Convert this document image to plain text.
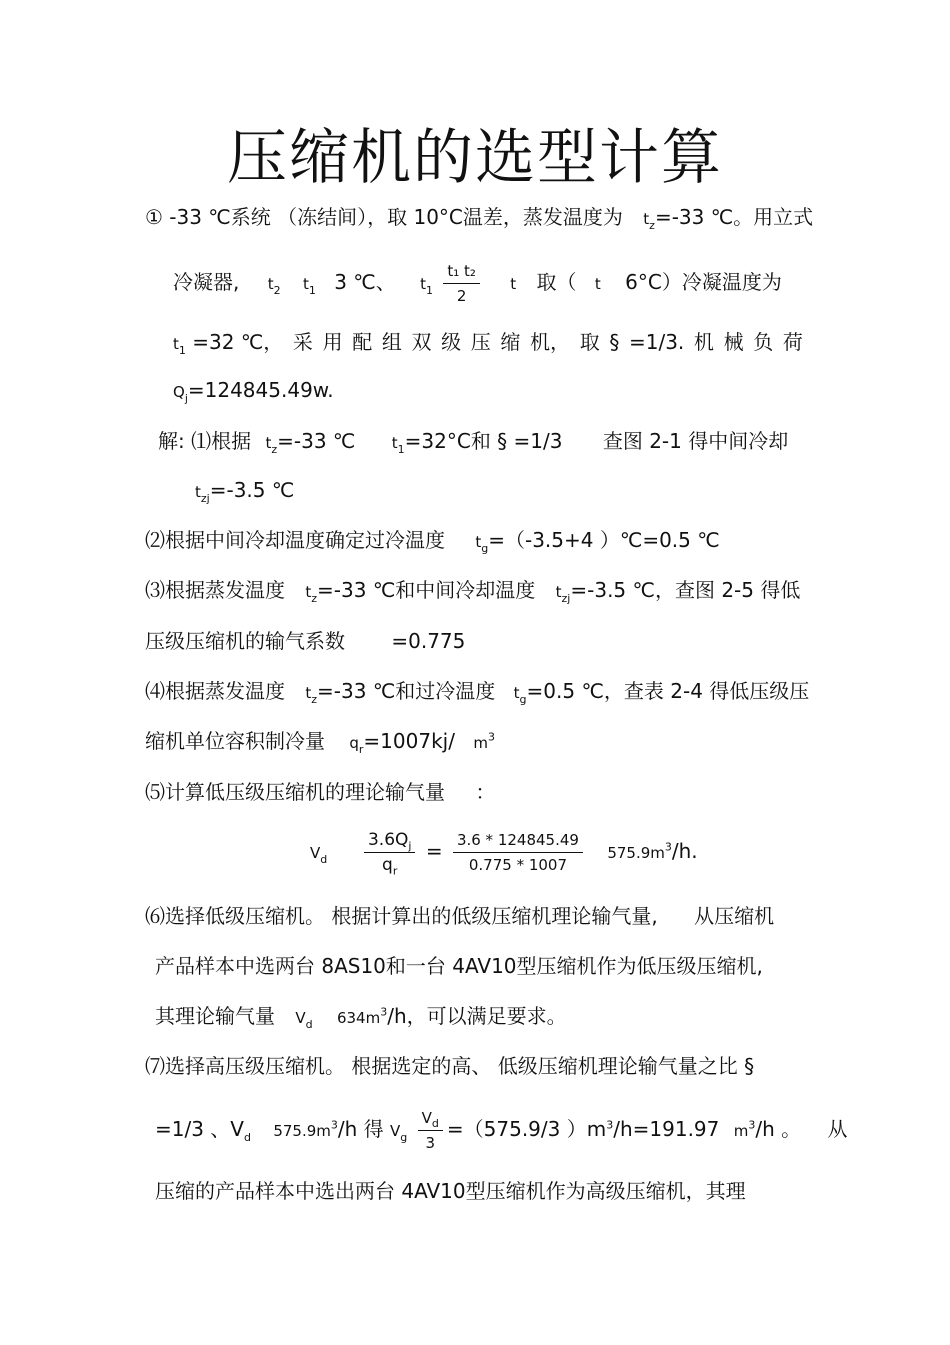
压缩机的选型计算
① -33 ℃系统 （冻结间），取 10°C温差，蒸发温度为 $t_z=-33$ ℃。用立式
冷凝器, $t_2$ $t_1$ 3 ℃、 $t_1 \frac{\text{t₁ t₂}}{2}$ t 取（ t 6°C）冷凝温度为
$t_1 =32$ ℃， 采 用 配 组 双 级 压 缩 机， 取 § =1/3. 机 械 负 荷
$Q_j=124845.49w$.
解: ⑴根据 $t_z=-33$ ℃ $t_1=32^\circ C$和 § =1/3 查图 2-1 得中间冷却
$t_{zj}=-3.5$ ℃
⑵根据中间冷却温度确定过冷温度 $t_g=(-3.5+4$ ）℃=0.5 ℃
⑶根据蒸发温度 $t_z=-33$ ℃和中间冷却温度 $t_{zj}=-3.5$ ℃，查图 2-5 得低
压级压缩机的输气系数 =0.775
⑷根据蒸发温度 $t_z=-33$ ℃和过冷温度 $t_g=0.5$ ℃，查表 2-4 得低压级压
缩机单位容积制冷量 $q_r=1007kj/$ $m^3$
⑸计算低压级压缩机的理论输气量 ：
$V_d \frac{3.6Q_j}{q_r} = \frac{3.6 * 124845.49}{0.775 * 1007} 575.9m^3/h$.
⑹选择低级压缩机。 根据计算出的低级压缩机理论输气量, 从压缩机
产品样本中选两台 8AS10和一台 4AV10型压缩机作为低压级压缩机,
其理论输气量 $V_d$ $634m^3/h$，可以满足要求。
⑺选择高压级压缩机。 根据选定的高、 低级压缩机理论输气量之比 §
=1/3 、$V_d$ $575.9m^3/h$ 得 $V_g \frac{V_d}{3} =(575.9/3$ ）$m^3/h=191.97$ $m^3/h$ 。 从
压缩的产品样本中选出两台 4AV10型压缩机作为高级压缩机，其理
